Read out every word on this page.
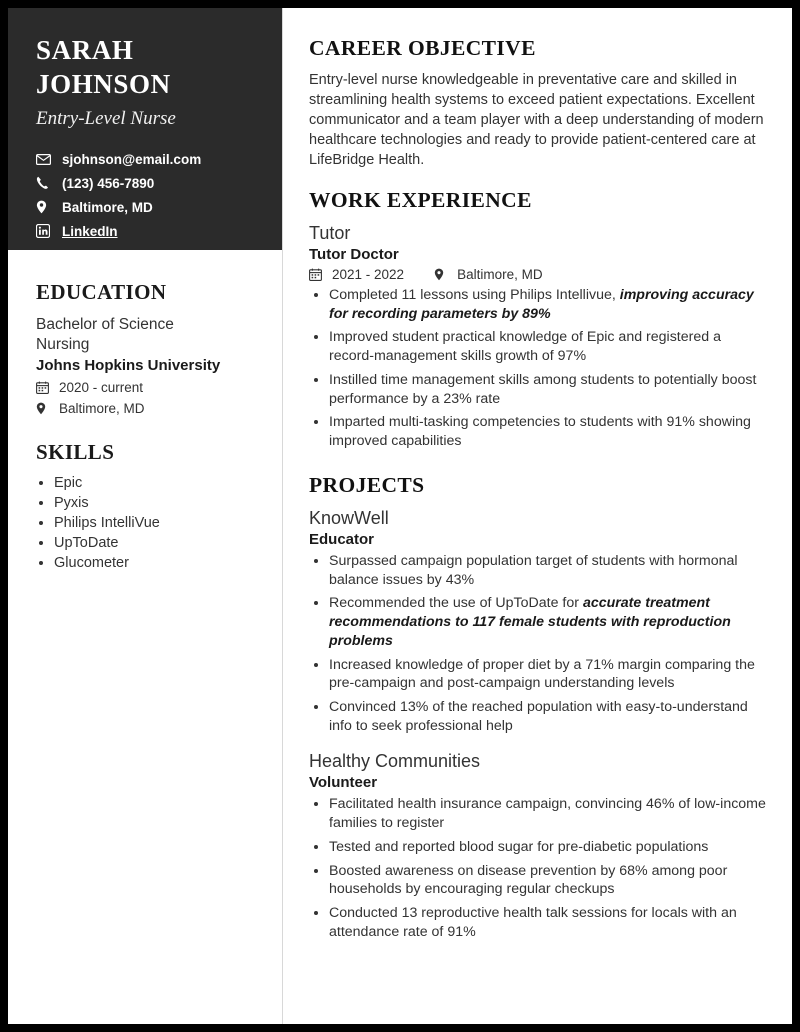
SARAH
JOHNSON
Entry-Level Nurse
sjohnson@email.com
(123) 456-7890
Baltimore, MD
LinkedIn
EDUCATION
Bachelor of Science
Nursing
Johns Hopkins University
2020 - current
Baltimore, MD
SKILLS
• Epic
• Pyxis
• Philips IntelliVue
• UpToDate
• Glucometer
CAREER OBJECTIVE

Entry-level nurse knowledgeable in preventative care and skilled in streamlining health systems to exceed patient expectations. Excellent communicator and a team player with a deep understanding of modern healthcare technologies and ready to provide patient-centered care at LifeBridge Health.

WORK EXPERIENCE
Tutor
Tutor Doctor
2021 - 2022	Baltimore, MD
• Completed 11 lessons using Philips Intellivue, improving accuracy for recording parameters by 89%
• Improved student practical knowledge of Epic and registered a record-management skills growth of 97%
• Instilled time management skills among students to potentially boost performance by a 23% rate
• Imparted multi-tasking competencies to students with 91% showing improved capabilities
PROJECTS
KnowWell
Educator
• Surpassed campaign population target of students with hormonal balance issues by 43%
• Recommended the use of UpToDate for accurate treatment recommendations to 117 female students with reproduction problems
• Increased knowledge of proper diet by a 71% margin comparing the pre-campaign and post-campaign understanding levels
• Convinced 13% of the reached population with easy-to-understand info to seek professional help
Healthy Communities
Volunteer
• Facilitated health insurance campaign, convincing 46% of low-income families to register
• Tested and reported blood sugar for pre-diabetic populations
• Boosted awareness on disease prevention by 68% among poor households by encouraging regular checkups
• Conducted 13 reproductive health talk sessions for locals with an attendance rate of 91%
